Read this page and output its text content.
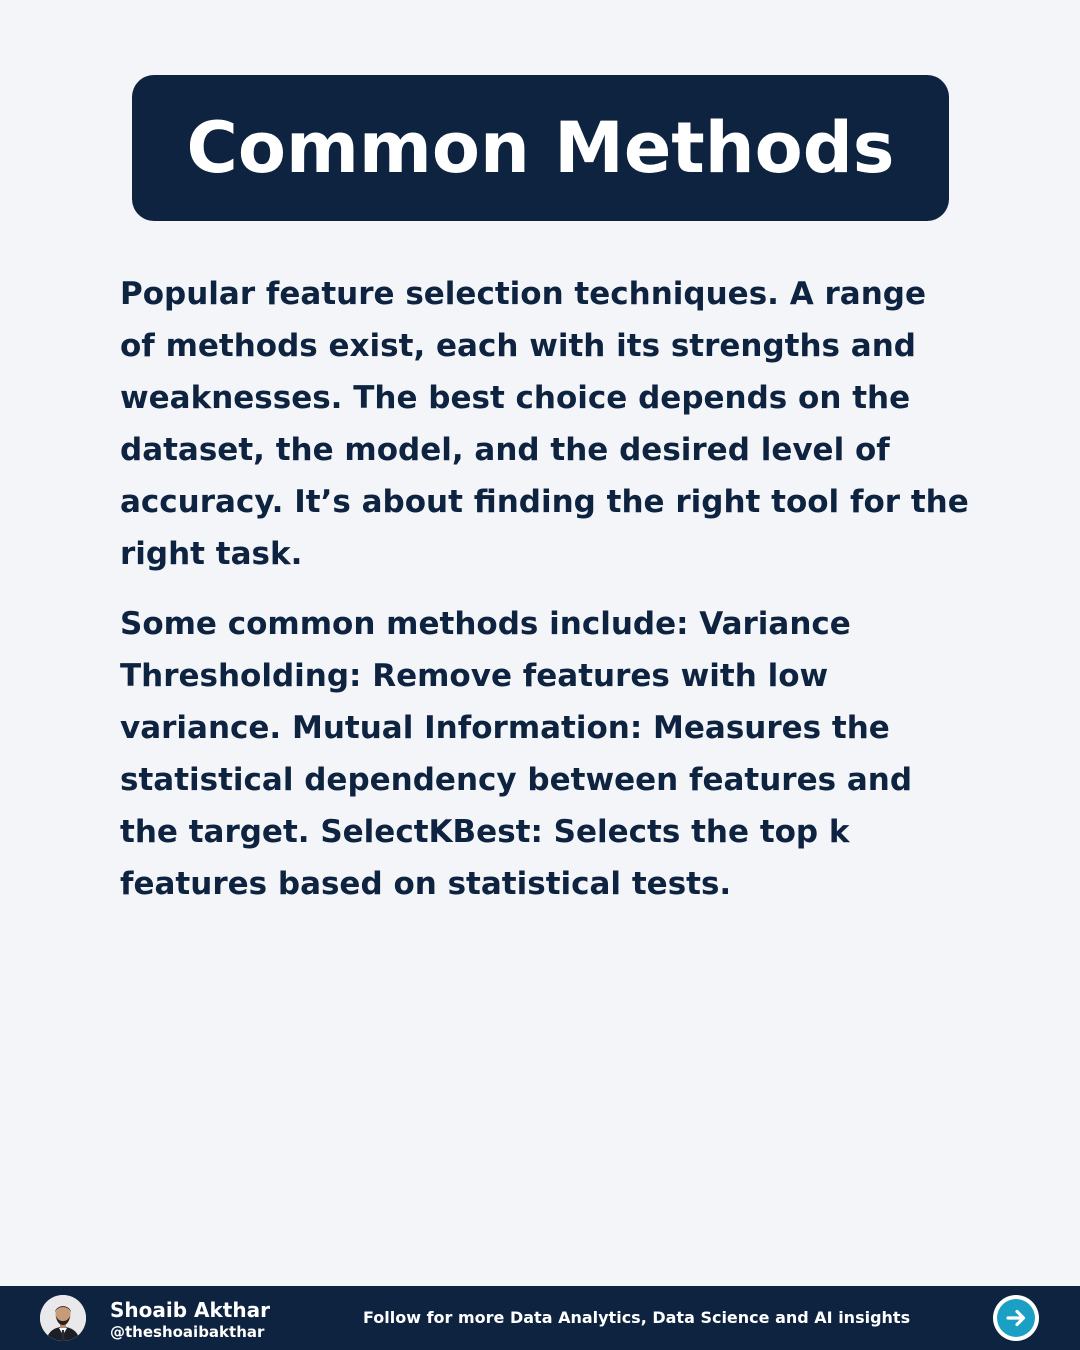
Common Methods

Popular feature selection techniques. A range of methods exist, each with its strengths and weaknesses. The best choice depends on the dataset, the model, and the desired level of accuracy. It’s about finding the right tool for the right task.

Some common methods include: Variance Thresholding: Remove features with low variance. Mutual Information: Measures the statistical dependency between features and the target. SelectKBest: Selects the top k features based on statistical tests.

Shoaib Akthar
@theshoaibakthar
Follow for more Data Analytics, Data Science and AI insights
